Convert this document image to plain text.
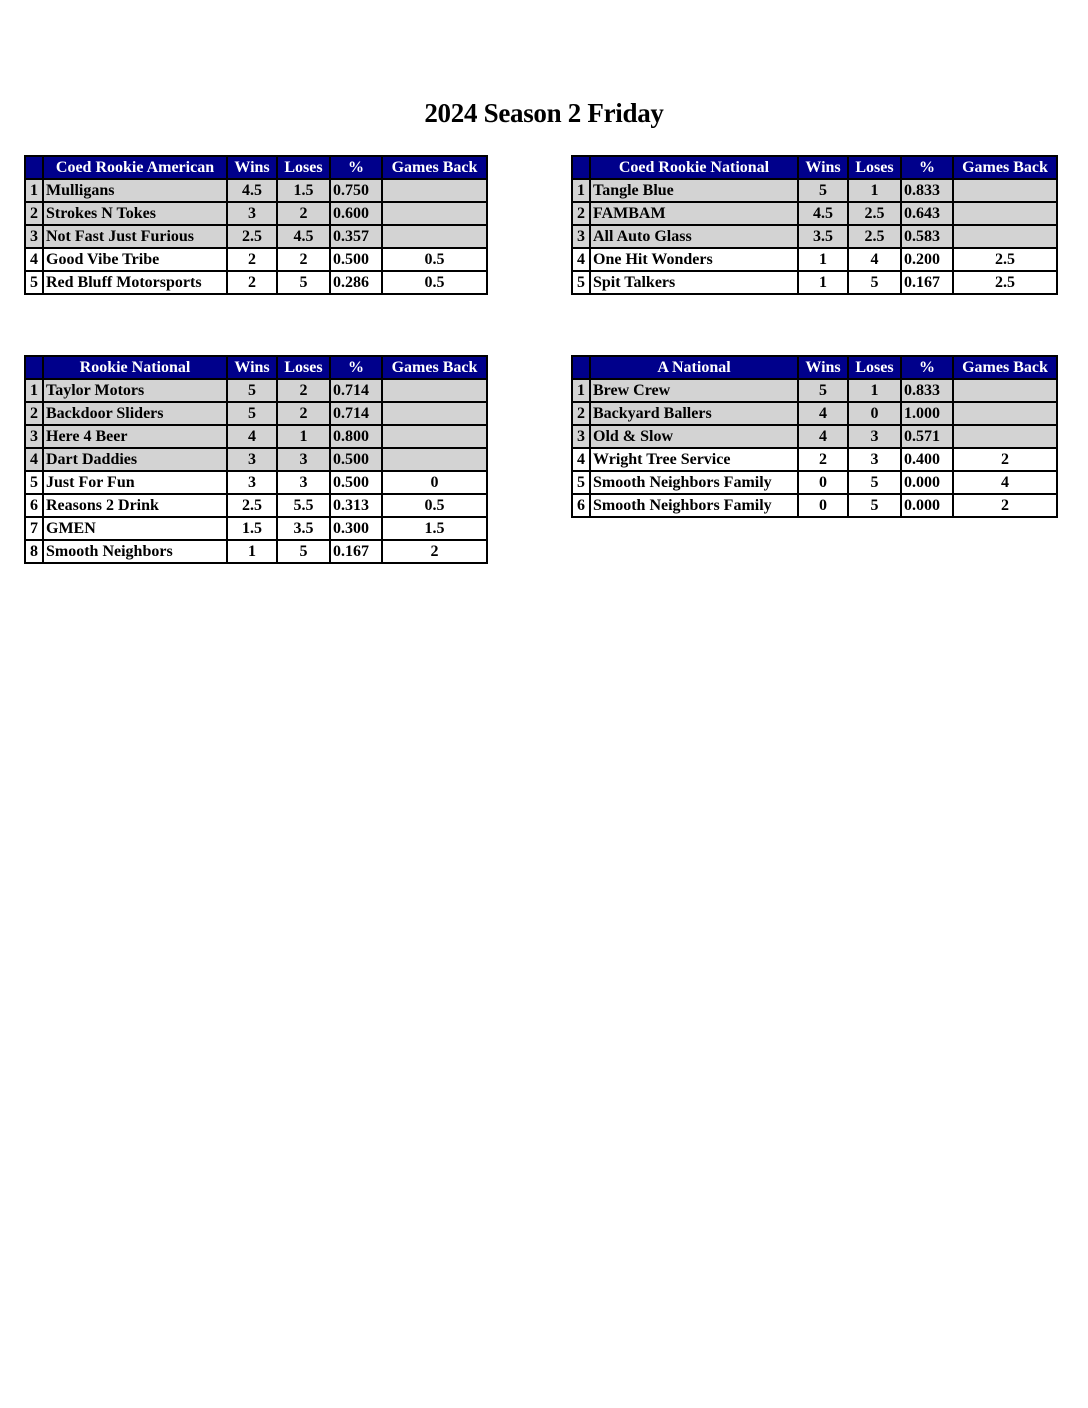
2024 Season 2 Friday
	Coed Rookie American	Wins	Loses	%	Games Back
1	Mulligans	4.5	1.5	0.750	
2	Strokes N Tokes	3	2	0.600	
3	Not Fast Just Furious	2.5	4.5	0.357	
4	Good Vibe Tribe	2	2	0.500	0.5
5	Red Bluff Motorsports	2	5	0.286	0.5
	Coed Rookie National	Wins	Loses	%	Games Back
1	Tangle Blue	5	1	0.833	
2	FAMBAM	4.5	2.5	0.643	
3	All Auto Glass	3.5	2.5	0.583	
4	One Hit Wonders	1	4	0.200	2.5
5	Spit Talkers	1	5	0.167	2.5
	Rookie National	Wins	Loses	%	Games Back
1	Taylor Motors	5	2	0.714	
2	Backdoor Sliders	5	2	0.714	
3	Here 4 Beer	4	1	0.800	
4	Dart Daddies	3	3	0.500	
5	Just For Fun	3	3	0.500	0
6	Reasons 2 Drink	2.5	5.5	0.313	0.5
7	GMEN	1.5	3.5	0.300	1.5
8	Smooth Neighbors	1	5	0.167	2
	A National	Wins	Loses	%	Games Back
1	Brew Crew	5	1	0.833	
2	Backyard Ballers	4	0	1.000	
3	Old & Slow	4	3	0.571	
4	Wright Tree Service	2	3	0.400	2
5	Smooth Neighbors Family	0	5	0.000	4
6	Smooth Neighbors Family	0	5	0.000	2
